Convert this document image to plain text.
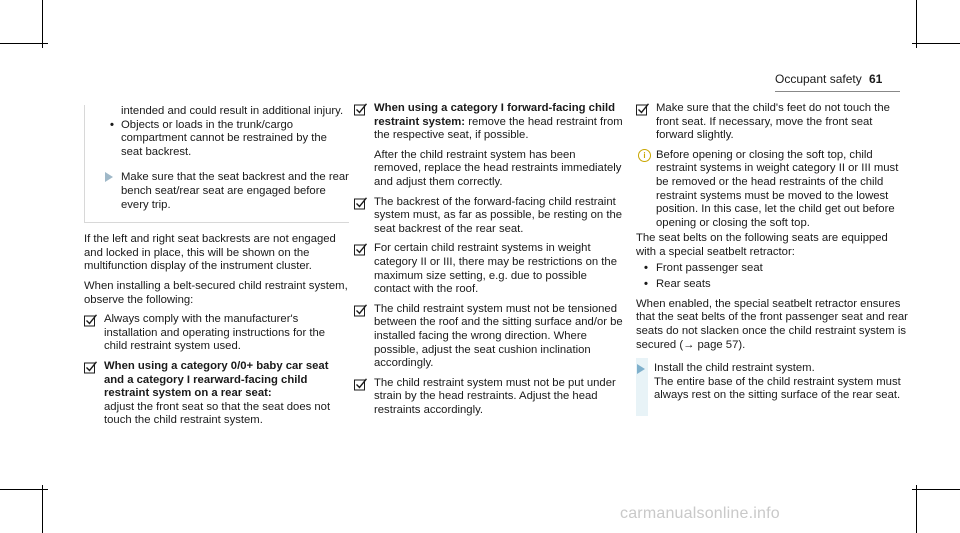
Occupant safety 61

intended and could result in additional injury.

• Objects or loads in the trunk/cargo compartment cannot be restrained by the seat backrest.

Make sure that the seat backrest and the rear bench seat/rear seat are engaged before every trip.

If the left and right seat backrests are not engaged and locked in place, this will be shown on the multifunction display of the instrument cluster.

When installing a belt-secured child restraint system, observe the following:

Always comply with the manufacturer's installation and operating instructions for the child restraint system used.

When using a category 0/0+ baby car seat and a category I rearward-facing child restraint system on a rear seat:
adjust the front seat so that the seat does not touch the child restraint system.

When using a category I forward-facing child restraint system: remove the head restraint from the respective seat, if possible.

After the child restraint system has been removed, replace the head restraints immediately and adjust them correctly.

The backrest of the forward-facing child restraint system must, as far as possible, be resting on the seat backrest of the rear seat.

For certain child restraint systems in weight category II or III, there may be restrictions on the maximum size setting, e.g. due to possible contact with the roof.

The child restraint system must not be tensioned between the roof and the sitting surface and/or be installed facing the wrong direction. Where possible, adjust the seat cushion inclination accordingly.

The child restraint system must not be put under strain by the head restraints. Adjust the head restraints accordingly.

Make sure that the child's feet do not touch the front seat. If necessary, move the front seat forward slightly.

i Before opening or closing the soft top, child restraint systems in weight category II or III must be removed or the head restraints of the child restraint systems must be moved to the lowest position. In this case, let the child get out before opening or closing the soft top.

The seat belts on the following seats are equipped with a special seatbelt retractor:

• Front passenger seat

• Rear seats

When enabled, the special seatbelt retractor ensures that the seat belts of the front passenger seat and rear seats do not slacken once the child restraint system is secured (→ page 57).

Install the child restraint system.

The entire base of the child restraint system must always rest on the sitting surface of the rear seat.

carmanualsonline.info
